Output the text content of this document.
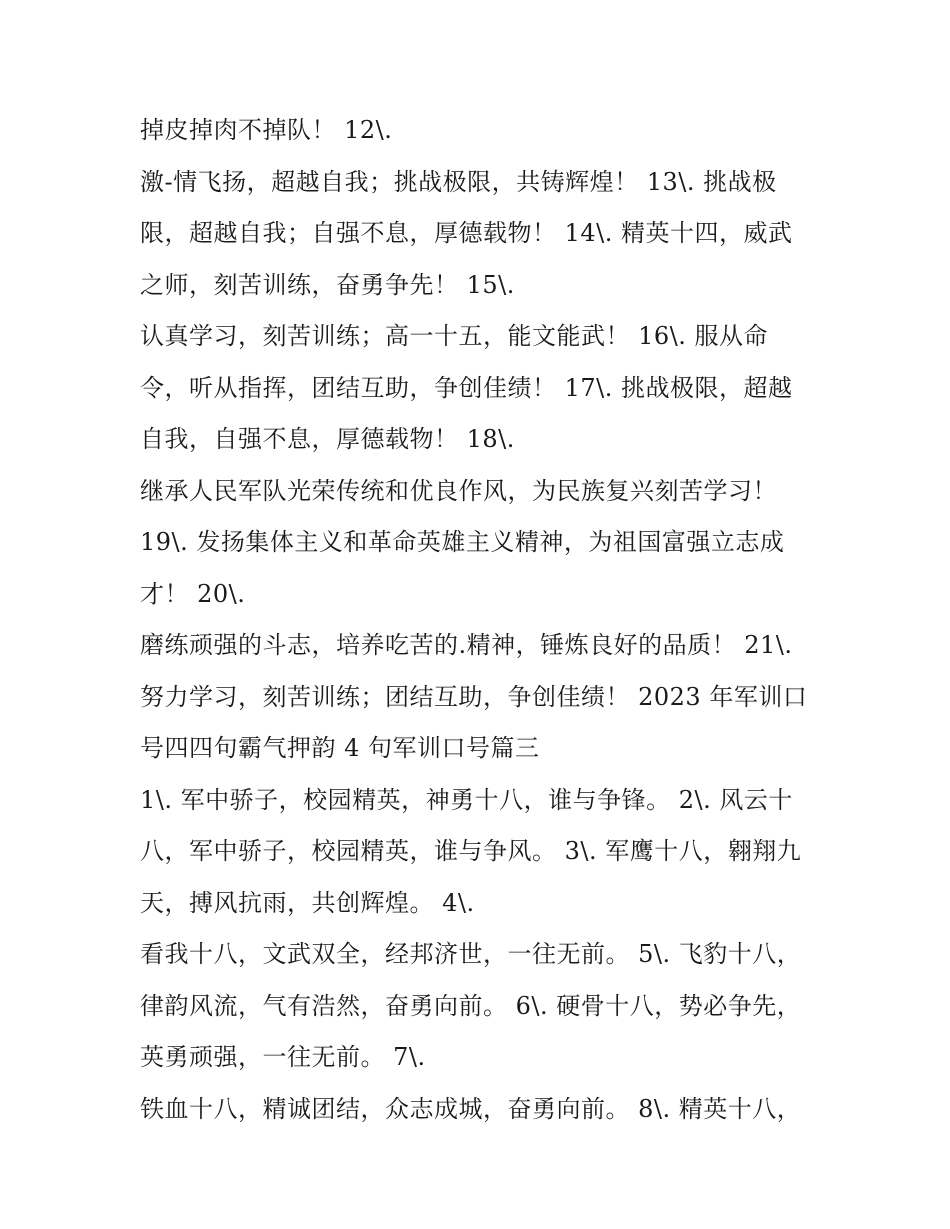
掉皮掉肉不掉队！ 12\.
激-情飞扬，超越自我；挑战极限，共铸辉煌！ 13\. 挑战极
限，超越自我；自强不息，厚德载物！ 14\. 精英十四，威武
之师，刻苦训练，奋勇争先！ 15\.
认真学习，刻苦训练；高一十五，能文能武！ 16\. 服从命
令，听从指挥，团结互助，争创佳绩！ 17\. 挑战极限，超越
自我，自强不息，厚德载物！ 18\.
继承人民军队光荣传统和优良作风，为民族复兴刻苦学习！
19\. 发扬集体主义和革命英雄主义精神，为祖国富强立志成
才！ 20\.
磨练顽强的斗志，培养吃苦的.精神，锤炼良好的品质！ 21\.
努力学习，刻苦训练；团结互助，争创佳绩！ 2023 年军训口
号四四句霸气押韵 4 句军训口号篇三
1\. 军中骄子，校园精英，神勇十八，谁与争锋。 2\. 风云十
八，军中骄子，校园精英，谁与争风。 3\. 军鹰十八，翱翔九
天，搏风抗雨，共创辉煌。 4\.
看我十八，文武双全，经邦济世，一往无前。 5\. 飞豹十八，
律韵风流，气有浩然，奋勇向前。 6\. 硬骨十八，势必争先，
英勇顽强，一往无前。 7\.
铁血十八，精诚团结，众志成城，奋勇向前。 8\. 精英十八，
